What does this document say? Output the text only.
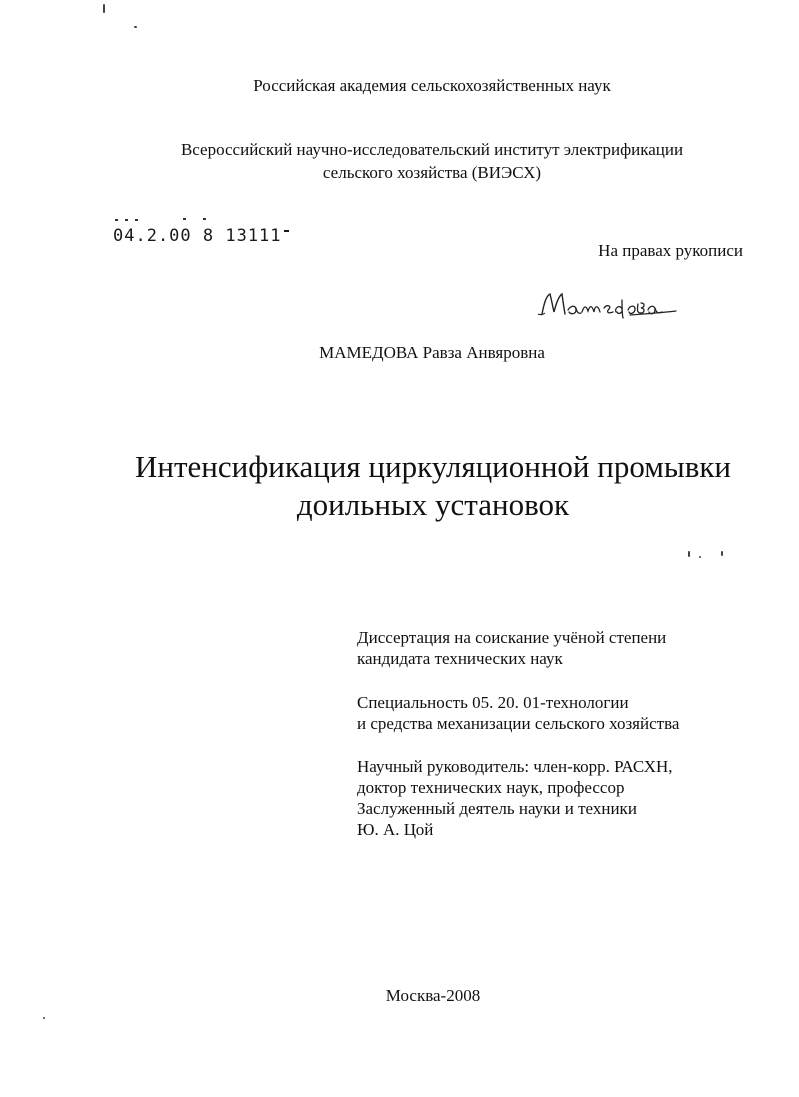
Российская академия сельскохозяйственных наук
Всероссийский научно-исследовательский институт электрификации
сельского хозяйства (ВИЭСХ)
04.2.00 8 13111
На правах рукописи
МАМЕДОВА Равза Анвяровна
Интенсификация циркуляционной промывки
доильных установок
Диссертация на соискание учёной степени
кандидата технических наук
Специальность 05. 20. 01-технологии
и средства механизации сельского хозяйства
Научный руководитель: член-корр. РАСХН,
доктор технических наук, профессор
Заслуженный деятель науки и техники
Ю. А. Цой
Москва-2008
